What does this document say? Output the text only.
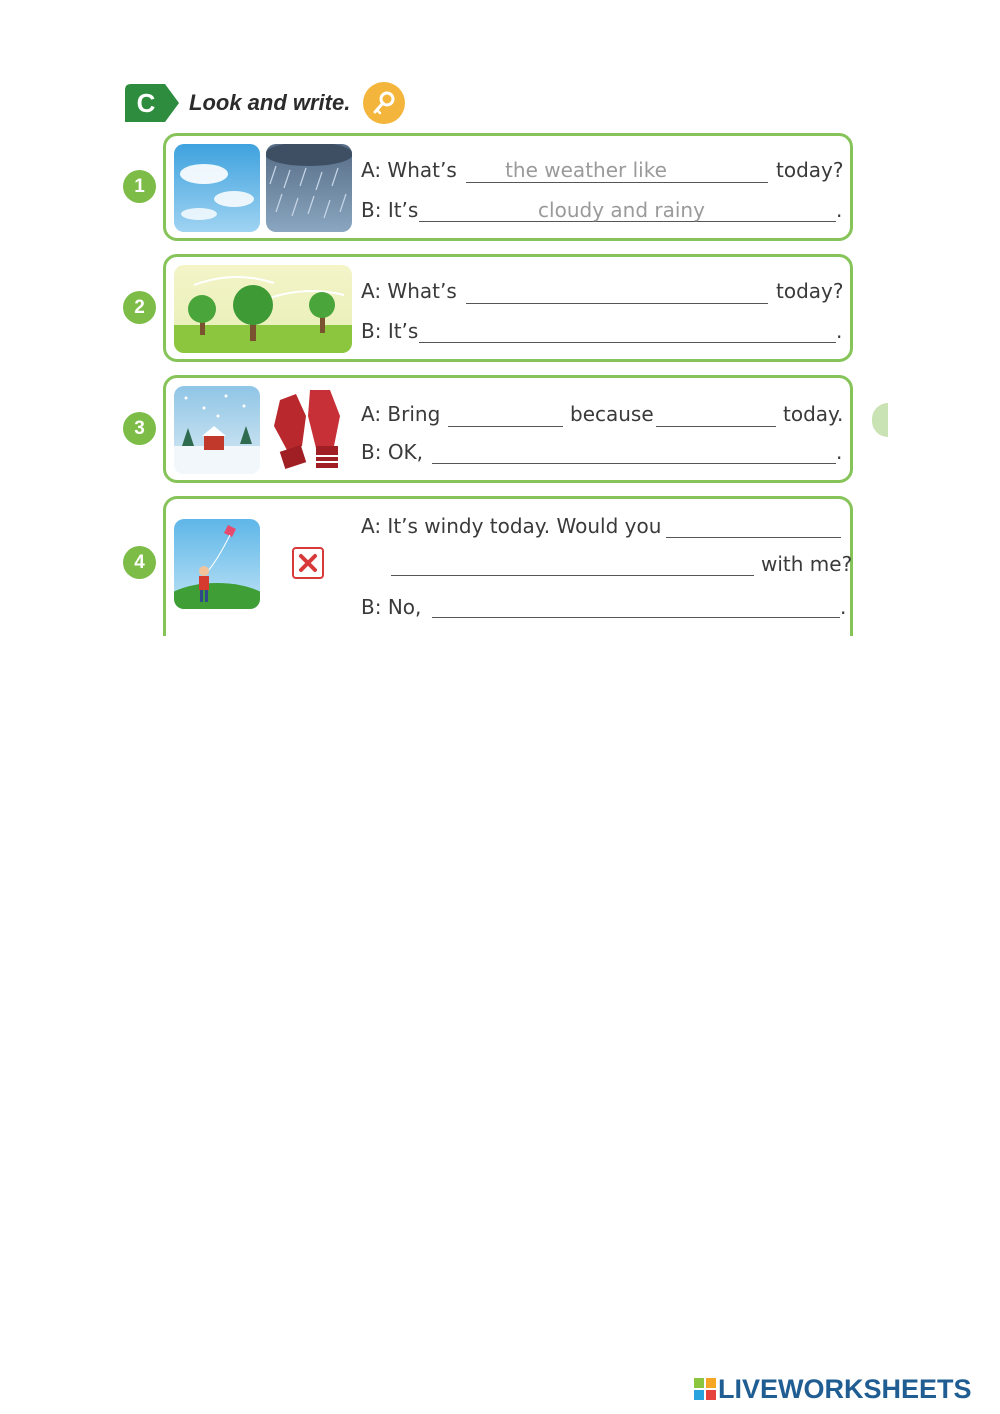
C Look and write.
1
A: What’s	the weather like	today?
B: It’s	cloudy and rainy	.
2
A: What’s	today?
B: It’s	.
3
A: Bring	because	today.
B: OK,	.
4
A: It’s windy today. Would you
with me?
B: No,	.
LIVEWORKSHEETS
